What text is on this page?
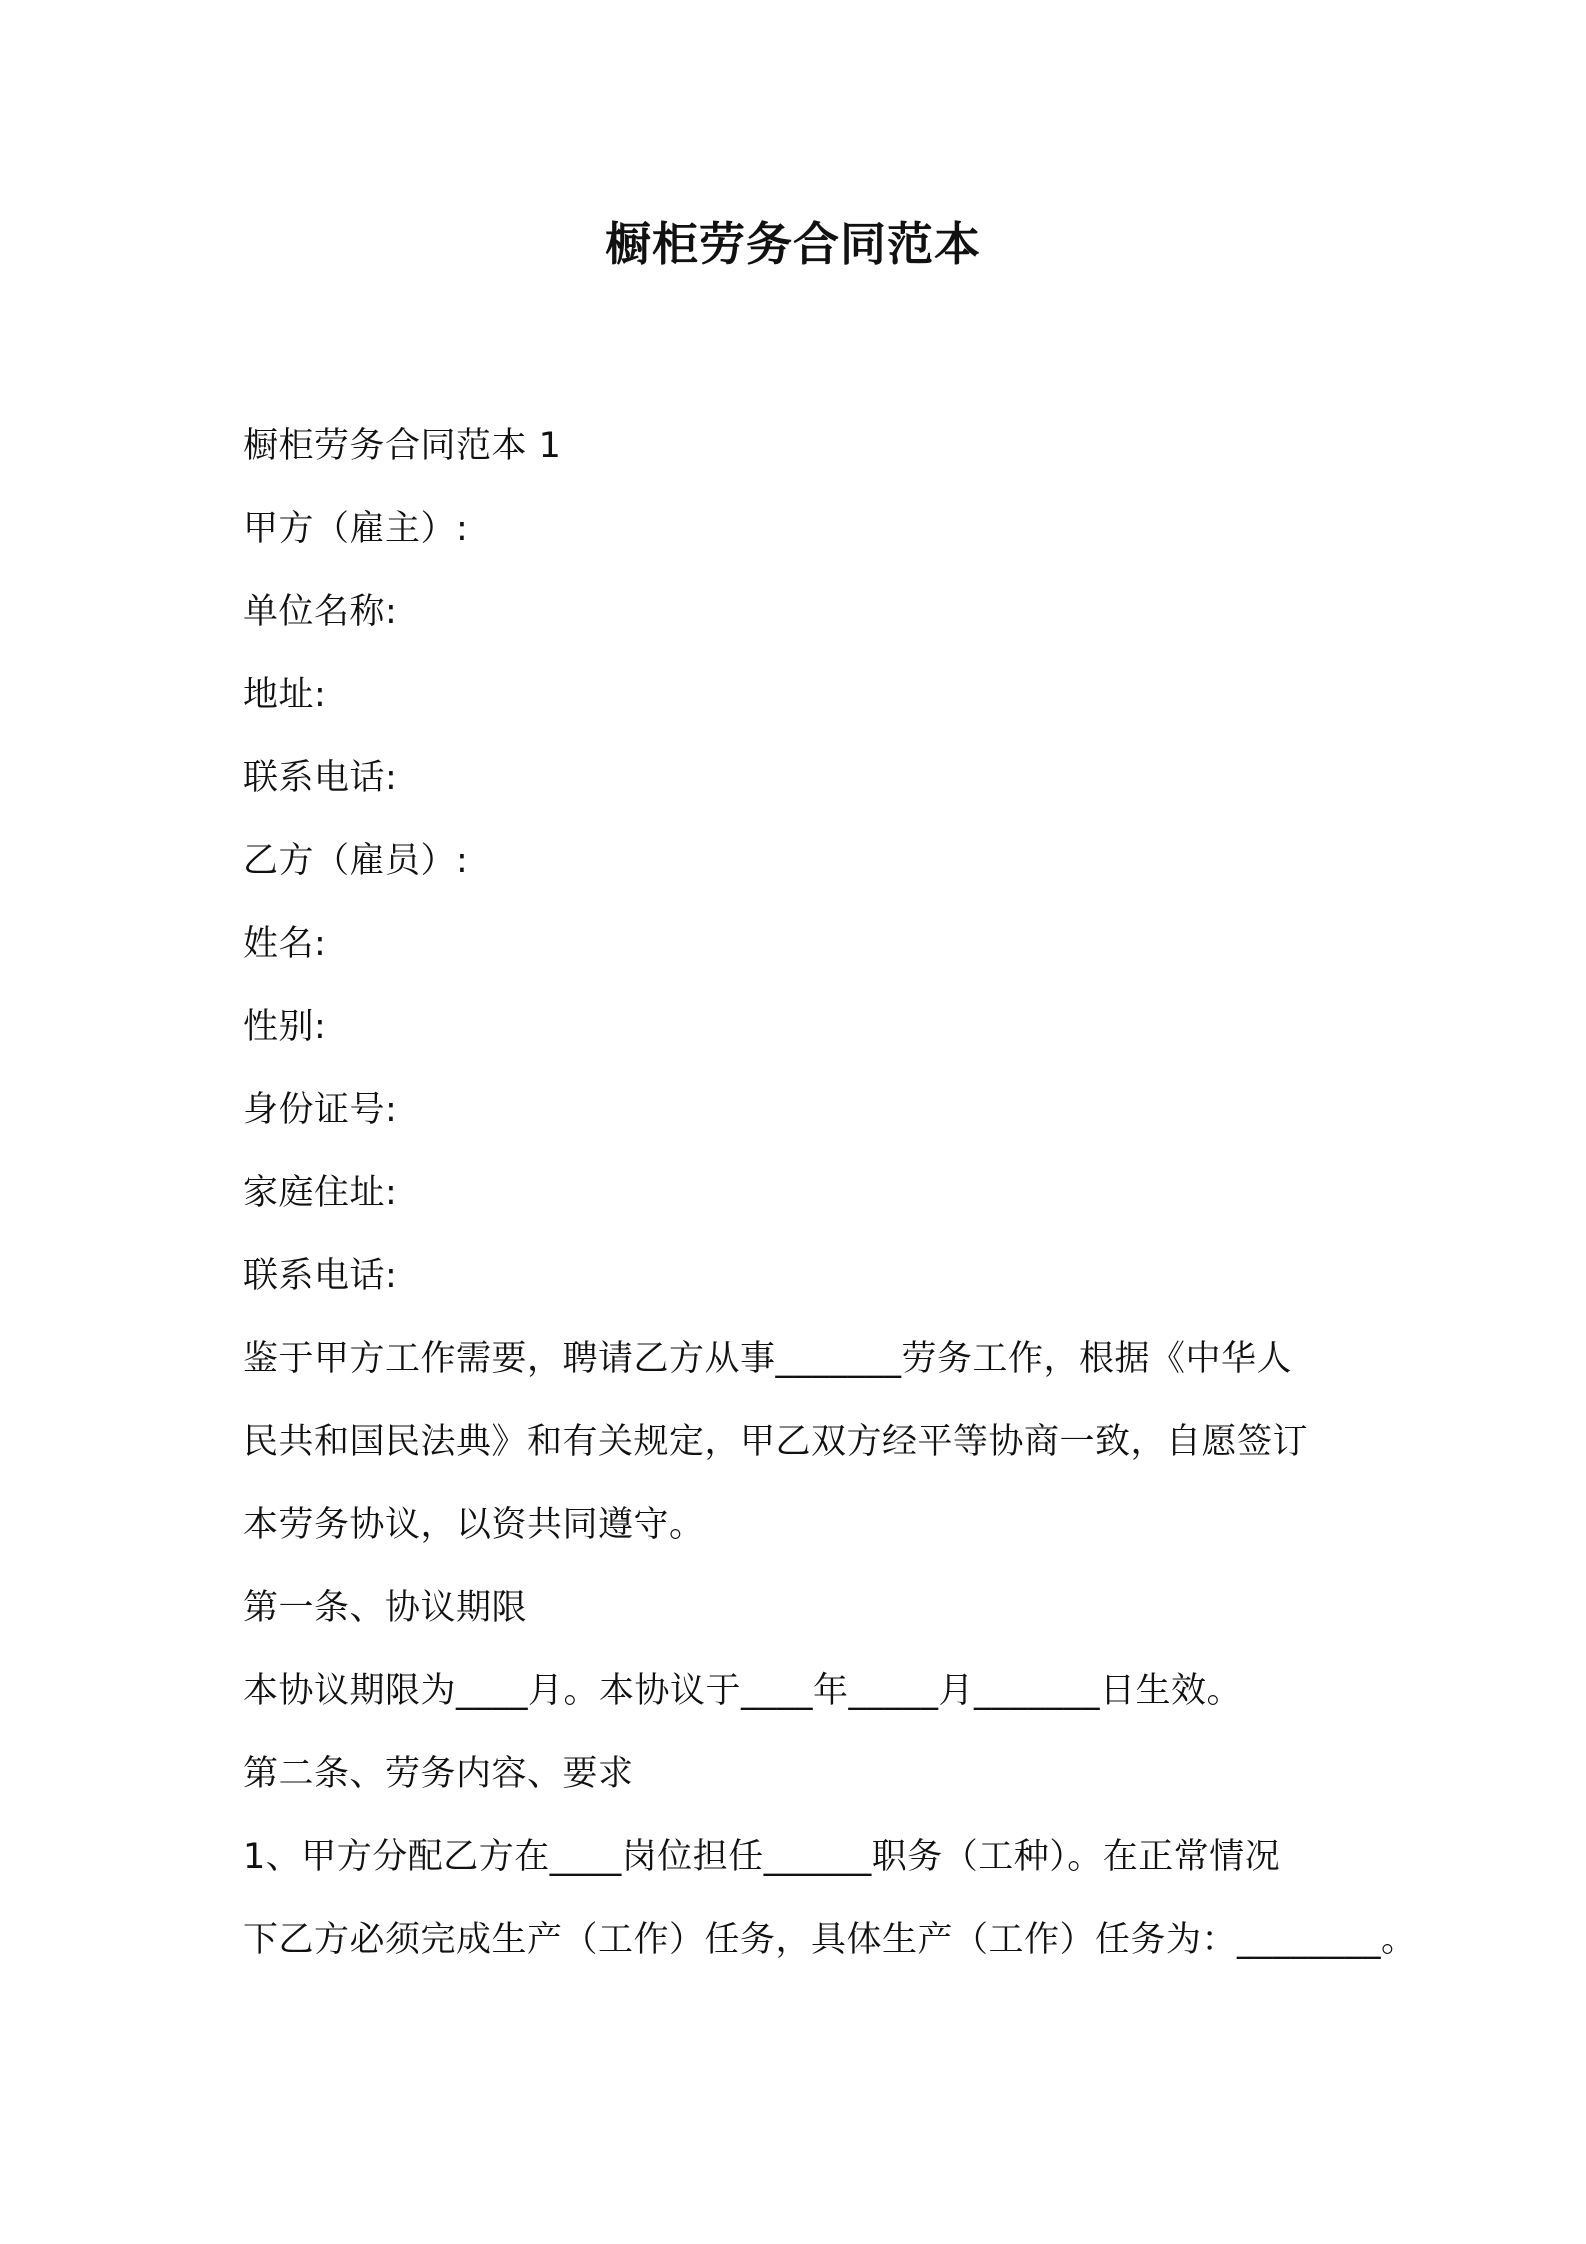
橱柜劳务合同范本
橱柜劳务合同范本 1
甲方（雇主）:
单位名称:
地址:
联系电话:
乙方（雇员）:
姓名:
性别:
身份证号:
家庭住址:
联系电话:
鉴于甲方工作需要，聘请乙方从事_______劳务工作，根据《中华人
民共和国民法典》和有关规定，甲乙双方经平等协商一致，自愿签订
本劳务协议，以资共同遵守。
第一条、协议期限
本协议期限为____月。本协议于____年_____月_______日生效。
第二条、劳务内容、要求
1、甲方分配乙方在____岗位担任______职务（工种）。在正常情况
下乙方必须完成生产（工作）任务，具体生产（工作）任务为：________。
